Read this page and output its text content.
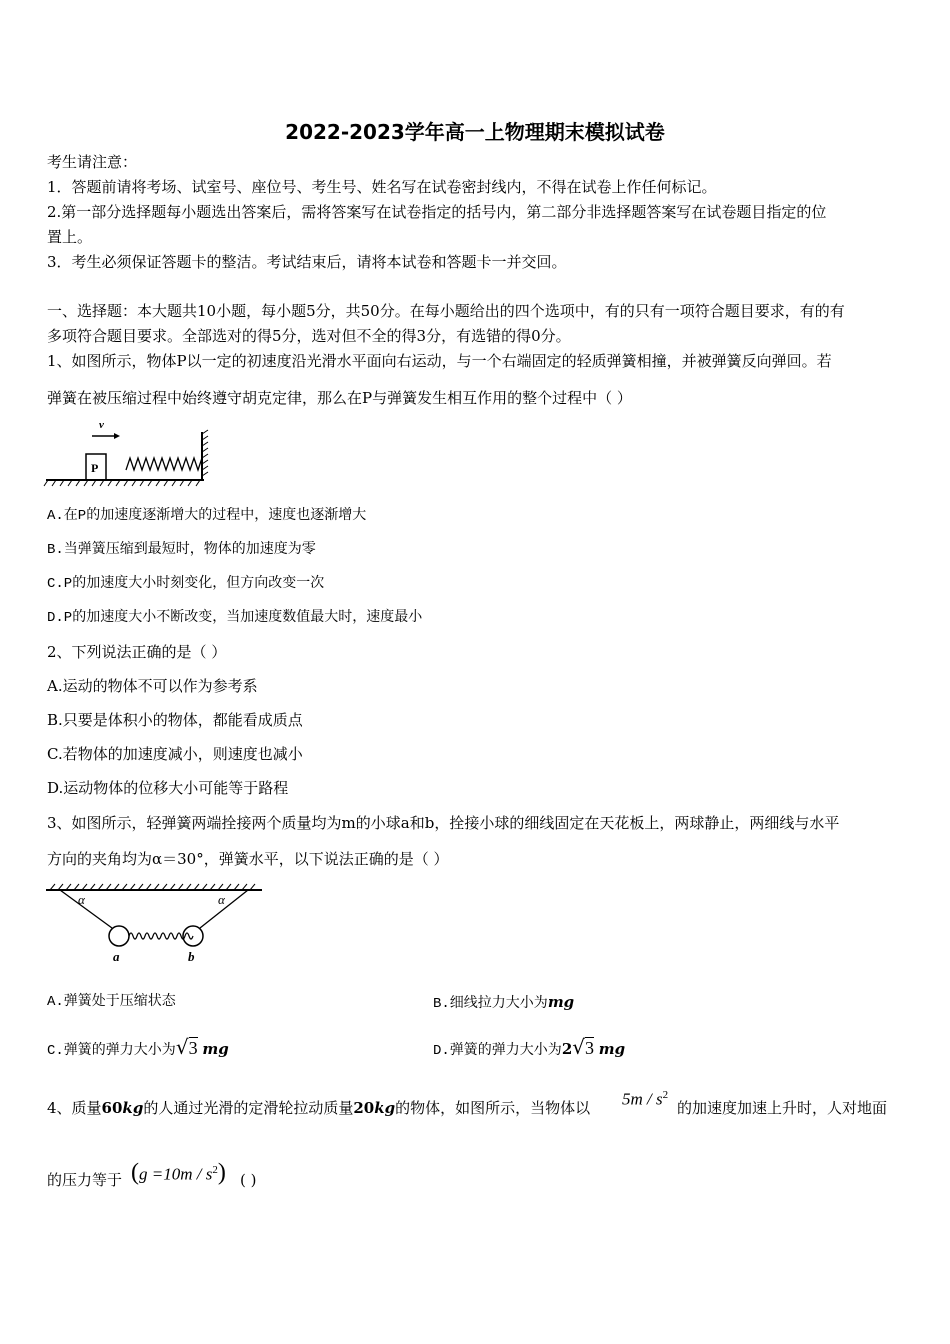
2022-2023学年高一上物理期末模拟试卷
考生请注意：
1．答题前请将考场、试室号、座位号、考生号、姓名写在试卷密封线内，不得在试卷上作任何标记。
2.第一部分选择题每小题选出答案后，需将答案写在试卷指定的括号内，第二部分非选择题答案写在试卷题目指定的位
置上。
3．考生必须保证答题卡的整洁。考试结束后，请将本试卷和答题卡一并交回。
一、选择题：本大题共10小题，每小题5分，共50分。在每小题给出的四个选项中，有的只有一项符合题目要求，有的有
多项符合题目要求。全部选对的得5分，选对但不全的得3分，有选错的得0分。
1、如图所示，物体P以一定的初速度沿光滑水平面向右运动，与一个右端固定的轻质弹簧相撞，并被弹簧反向弹回。若
弹簧在被压缩过程中始终遵守胡克定律，那么在P与弹簧发生相互作用的整个过程中（ ）
v
P
A.在P的加速度逐渐增大的过程中，速度也逐渐增大
B.当弹簧压缩到最短时，物体的加速度为零
C.P的加速度大小时刻变化，但方向改变一次
D.P的加速度大小不断改变，当加速度数值最大时，速度最小
2、下列说法正确的是（ ）
A.运动的物体不可以作为参考系
B.只要是体积小的物体，都能看成质点
C.若物体的加速度减小，则速度也减小
D.运动物体的位移大小可能等于路程
3、如图所示，轻弹簧两端拴接两个质量均为m的小球a和b，拴接小球的细线固定在天花板上，两球静止，两细线与水平
方向的夹角均为α＝30°，弹簧水平，以下说法正确的是（ ）
α	α
a	b
A.弹簧处于压缩状态	B.细线拉力大小为mg
C.弹簧的弹力大小为√3 mg	D.弹簧的弹力大小为2√3 mg
4、质量60kg的人通过光滑的定滑轮拉动质量20kg的物体，如图所示，当物体以 $5m / s^2$
的加速度加速上升时，人对地面
的压力等于 $(g =10m / s^2)$ ( )
